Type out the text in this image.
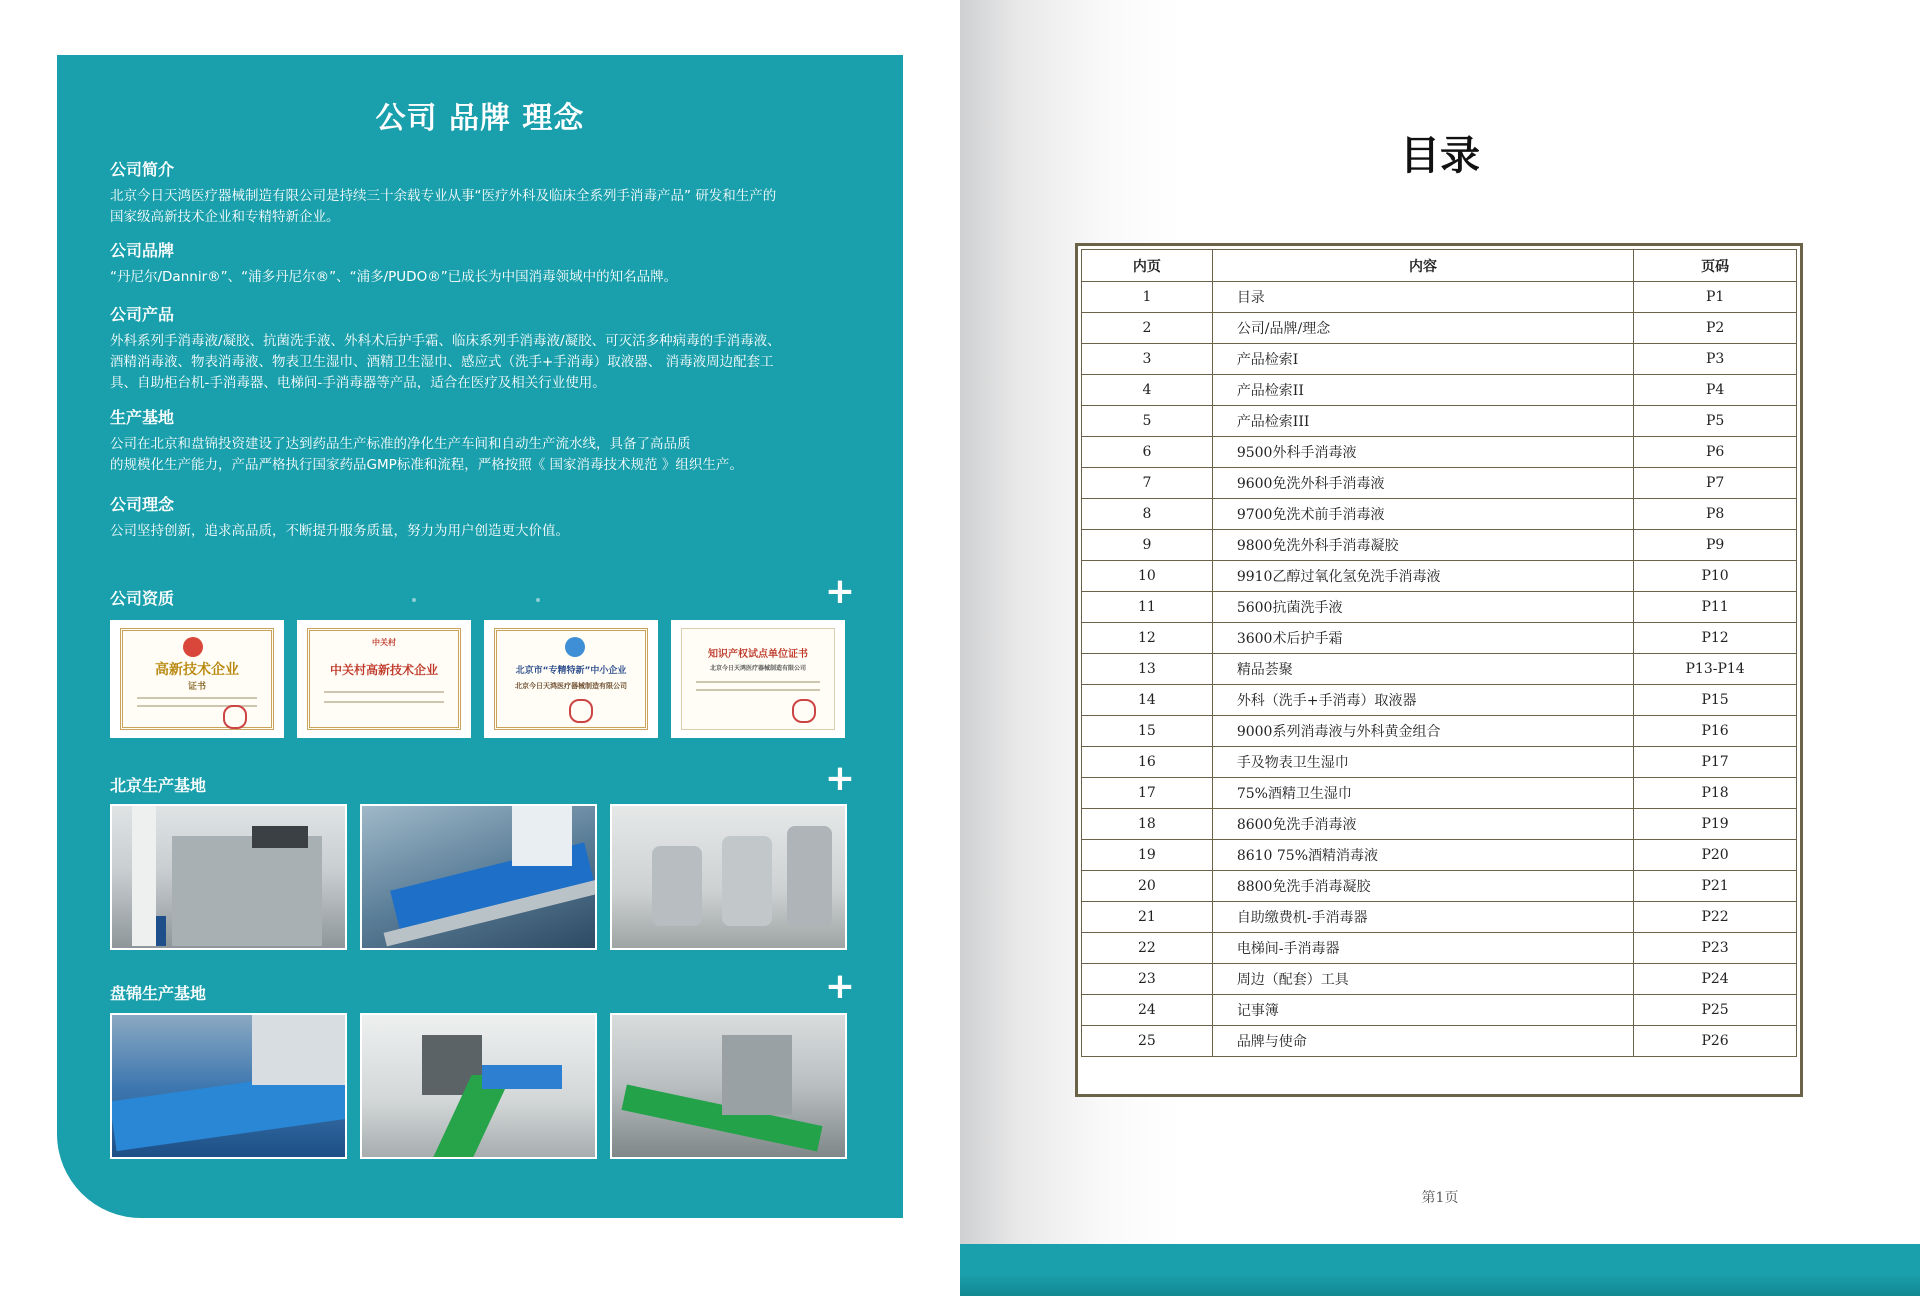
公司 品牌 理念
公司简介
北京今日天鸿医疗器械制造有限公司是持续三十余载专业从事“医疗外科及临床全系列手消毒产品” 研发和生产的
国家级高新技术企业和专精特新企业。
公司品牌
“丹尼尔/Dannir®”、“浦多丹尼尔®”、“浦多/PUDO®”已成长为中国消毒领域中的知名品牌。
公司产品
外科系列手消毒液/凝胶、抗菌洗手液、外科术后护手霜、临床系列手消毒液/凝胶、可灭活多种病毒的手消毒液、
酒精消毒液、物表消毒液、物表卫生湿巾、酒精卫生湿巾、感应式（洗手+手消毒）取液器、 消毒液周边配套工
具、自助柜台机-手消毒器、电梯间-手消毒器等产品，适合在医疗及相关行业使用。
生产基地
公司在北京和盘锦投资建设了达到药品生产标准的净化生产车间和自动生产流水线，具备了高品质
的规模化生产能力，产品严格执行国家药品GMP标准和流程，严格按照《 国家消毒技术规范 》组织生产。
公司理念
公司坚持创新，追求高品质，不断提升服务质量，努力为用户创造更大价值。
公司资质	+
高新技术企业
证书
中关村
中关村高新技术企业	北京市“专精特新”中小企业
北京今日天鸿医疗器械制造有限公司
知识产权试点单位证书
北京今日天鸿医疗器械制造有限公司
北京生产基地	+
盘锦生产基地	+
目录
内页	内容	页码
1	目录	P1
2	公司/品牌/理念	P2
3	产品检索I	P3
4	产品检索II	P4
5	产品检索III	P5
6	9500外科手消毒液	P6
7	9600免洗外科手消毒液	P7
8	9700免洗术前手消毒液	P8
9	9800免洗外科手消毒凝胶	P9
10	9910乙醇过氧化氢免洗手消毒液	P10
11	5600抗菌洗手液	P11
12	3600术后护手霜	P12
13	精品荟聚	P13-P14
14	外科（洗手+手消毒）取液器	P15
15	9000系列消毒液与外科黄金组合	P16
16	手及物表卫生湿巾	P17
17	75%酒精卫生湿巾	P18
18	8600免洗手消毒液	P19
19	8610 75%酒精消毒液	P20
20	8800免洗手消毒凝胶	P21
21	自助缴费机-手消毒器	P22
22	电梯间-手消毒器	P23
23	周边（配套）工具	P24
24	记事簿	P25
25	品牌与使命	P26
第1页
